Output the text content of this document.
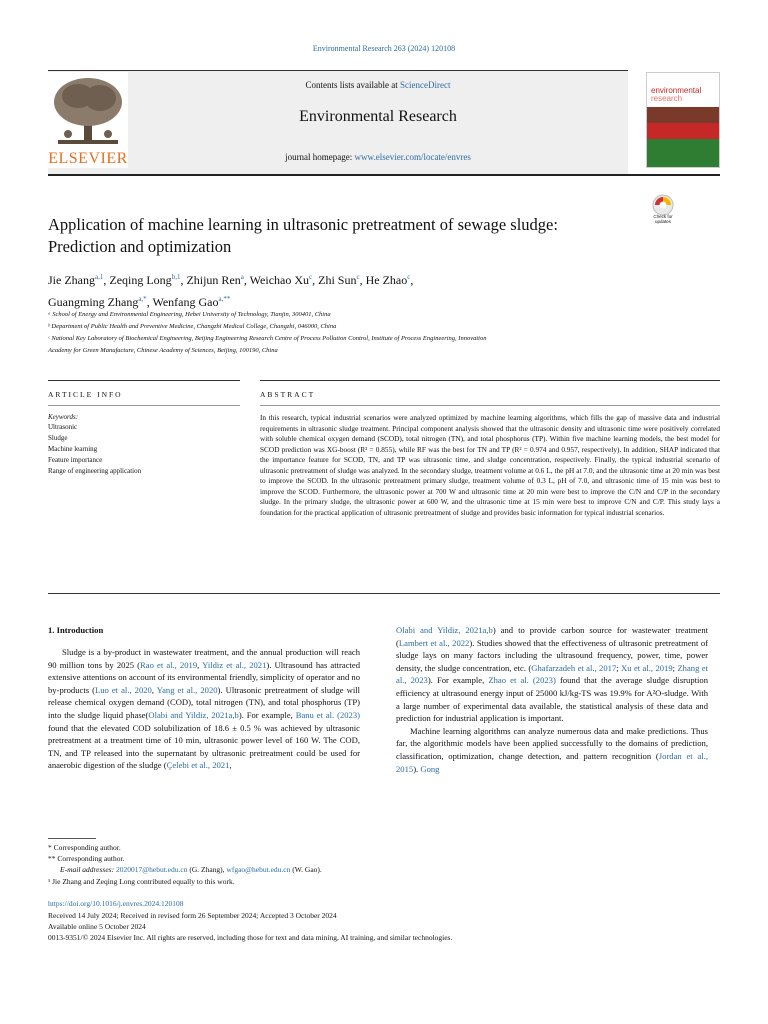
Environmental Research 263 (2024) 120108
ELSEVIER
Contents lists available at ScienceDirect
Environmental Research
journal homepage: www.elsevier.com/locate/envres
environmental
research
Check for updates
Application of machine learning in ultrasonic pretreatment of sewage sludge: Prediction and optimization
Jie Zhang$^{a,1}$, Zeqing Long$^{b,1}$, Zhijun Ren$^a$, Weichao Xu$^c$, Zhi Sun$^c$, He Zhao$^c$,
Guangming Zhang$^{a,*}$, Wenfang Gao$^{a,**}$
ᵃ School of Energy and Environmental Engineering, Hebei University of Technology, Tianjin, 300401, China
ᵇ Department of Public Health and Preventive Medicine, Changzhi Medical College, Changzhi, 046000, China
ᶜ National Key Laboratory of Biochemical Engineering, Beijing Engineering Research Centre of Process Pollution Control, Institute of Process Engineering, Innovation
Academy for Green Manufacture, Chinese Academy of Sciences, Beijing, 100190, China
ARTICLE INFO	ABSTRACT
Keywords:
Ultrasonic
Sludge
Machine learning
Feature importance
Range of engineering application
In this research, typical industrial scenarios were analyzed optimized by machine learning algorithms, which fills the gap of massive data and industrial requirements in ultrasonic sludge treatment. Principal component analysis showed that the ultrasonic density and ultrasonic time were positively correlated with soluble chemical oxygen demand (SCOD), total nitrogen (TN), and total phosphorus (TP). Within five machine learning models, the best model for SCOD prediction was XG-boost (R² = 0.855), while RF was the best for TN and TP (R² = 0.974 and 0.957, respectively). In addition, SHAP indicated that the importance feature for SCOD, TN, and TP was ultrasonic time, and sludge concentration, respectively. Finally, the typical industrial scenario of ultrasonic pretreatment of sludge was analyzed. In the secondary sludge, treatment volume at 0.6 L, the pH at 7.0, and the ultrasonic time at 20 min was best to improve the SCOD. In the ultrasonic pretreatment primary sludge, treatment volume of 0.3 L, pH of 7.0, and ultrasonic time of 15 min was best to improve the SCOD. Furthermore, the ultrasonic power at 700 W and ultrasonic time at 20 min were best to improve the C/N and C/P in the secondary sludge. In the primary sludge, the ultrasonic power at 600 W, and the ultrasonic time at 15 min were best to improve C/N and C/P. This study lays a foundation for the practical application of ultrasonic pretreatment of sludge and provides basic information for typical industrial scenarios.
1. Introduction

Sludge is a by-product in wastewater treatment, and the annual production will reach 90 million tons by 2025 (Rao et al., 2019, Yildiz et al., 2021). Ultrasound has attracted extensive attentions on account of its environmental friendly, simplicity of operator and no by-products (Luo et al., 2020, Yang et al., 2020). Ultrasonic pretreatment of sludge will release chemical oxygen demand (COD), total nitrogen (TN), and total phosphorus (TP) into the sludge liquid phase(Olabi and Yildiz, 2021a,b). For example, Banu et al. (2023) found that the elevated COD solubilization of 18.6 ± 0.5 % was achieved by ultrasonic pretreatment at a treatment time of 10 min, ultrasonic power level of 160 W. The COD, TN, and TP released into the supernatant by ultrasonic pretreatment could be used for anaerobic digestion of the sludge (Çelebi et al., 2021,

Olabi and Yildiz, 2021a,b) and to provide carbon source for wastewater treatment (Lambert et al., 2022). Studies showed that the effectiveness of ultrasonic pretreatment of sludge lays on many factors including the ultrasound frequency, power, time, power density, the sludge concentration, etc. (Ghafarzadeh et al., 2017; Xu et al., 2019; Zhang et al., 2023). For example, Zhao et al. (2023) found that the average sludge disruption efficiency at ultrasound energy input of 25000 kJ/kg-TS was 19.9% for A²O-sludge. With a large number of experimental data available, the statistical analysis of these data and prediction for industrial application is important.

Machine learning algorithms can analyze numerous data and make predictions. Thus far, the algorithmic models have been applied successfully to the domains of prediction, classification, optimization, change detection, and pattern recognition (Jordan et al., 2015). Gong

* Corresponding author.
** Corresponding author.
E-mail addresses: 2020017@hebut.edu.cn (G. Zhang), wfgao@hebut.edu.cn (W. Gao).
¹ Jie Zhang and Zeqing Long contributed equally to this work.
https://doi.org/10.1016/j.envres.2024.120108
Received 14 July 2024; Received in revised form 26 September 2024; Accepted 3 October 2024
Available online 5 October 2024
0013-9351/© 2024 Elsevier Inc. All rights are reserved, including those for text and data mining, AI training, and similar technologies.
